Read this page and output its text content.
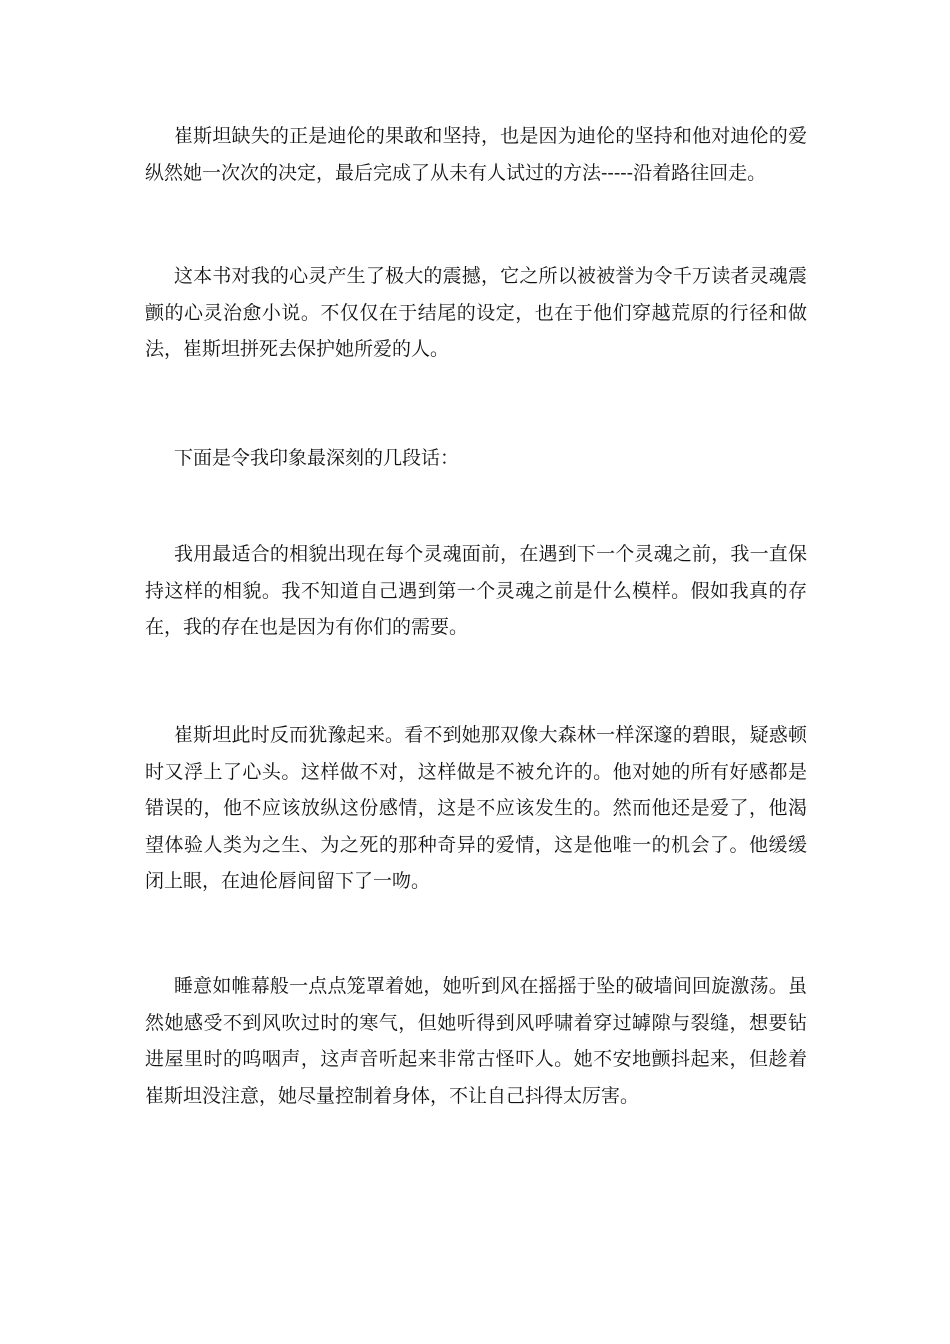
崔斯坦缺失的正是迪伦的果敢和坚持，也是因为迪伦的坚持和他对迪伦的爱纵然她一次次的决定，最后完成了从未有人试过的方法-----沿着路往回走。

这本书对我的心灵产生了极大的震撼，它之所以被被誉为令千万读者灵魂震颤的心灵治愈小说。不仅仅在于结尾的设定，也在于他们穿越荒原的行径和做法，崔斯坦拼死去保护她所爱的人。

下面是令我印象最深刻的几段话：

我用最适合的相貌出现在每个灵魂面前，在遇到下一个灵魂之前，我一直保持这样的相貌。我不知道自己遇到第一个灵魂之前是什么模样。假如我真的存在，我的存在也是因为有你们的需要。

崔斯坦此时反而犹豫起来。看不到她那双像大森林一样深邃的碧眼，疑惑顿时又浮上了心头。这样做不对，这样做是不被允许的。他对她的所有好感都是错误的，他不应该放纵这份感情，这是不应该发生的。然而他还是爱了，他渴望体验人类为之生、为之死的那种奇异的爱情，这是他唯一的机会了。他缓缓闭上眼，在迪伦唇间留下了一吻。

睡意如帷幕般一点点笼罩着她，她听到风在摇摇于坠的破墙间回旋激荡。虽然她感受不到风吹过时的寒气，但她听得到风呼啸着穿过罅隙与裂缝，想要钻进屋里时的呜咽声，这声音听起来非常古怪吓人。她不安地颤抖起来，但趁着崔斯坦没注意，她尽量控制着身体，不让自己抖得太厉害。
